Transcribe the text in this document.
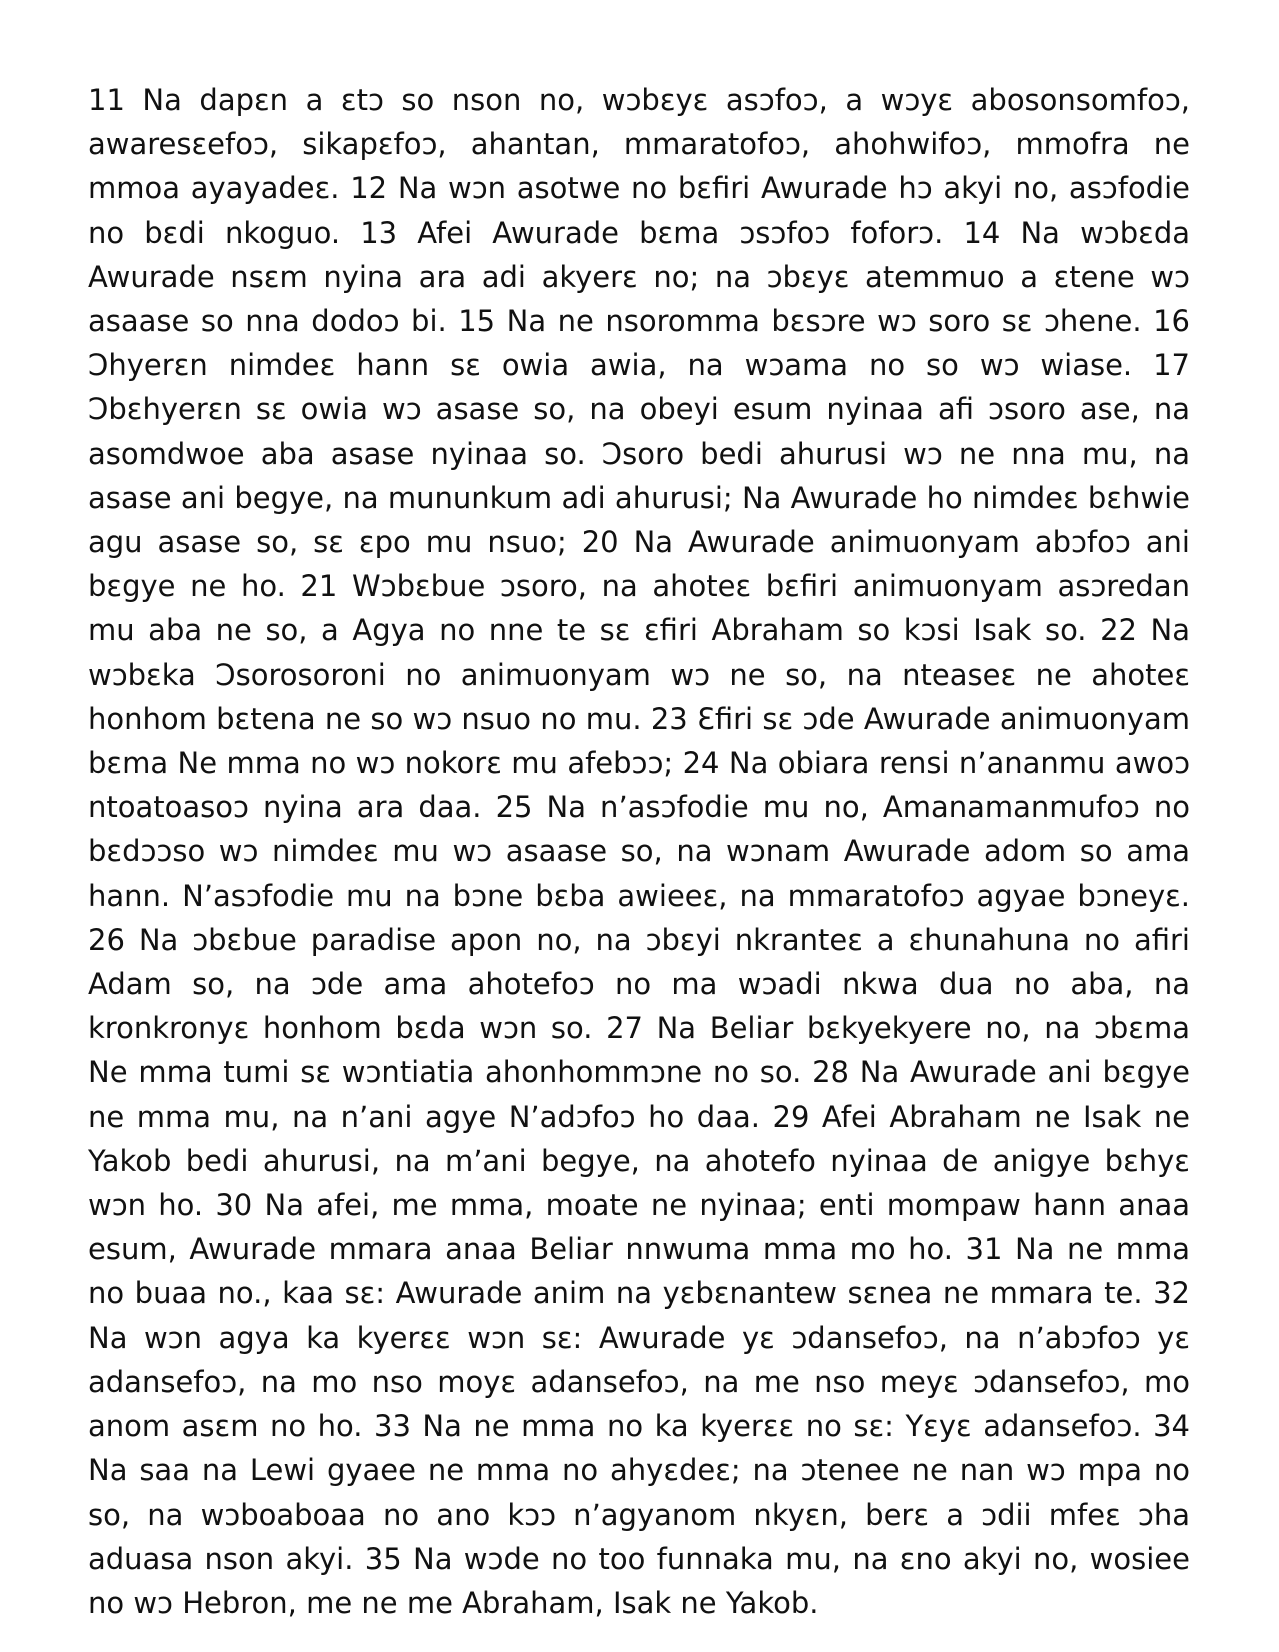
11 Na dapɛn a ɛtɔ so nson no, wɔbɛyɛ asɔfoɔ, a wɔyɛ abosonsomfoɔ, awaresɛefoɔ, sikapɛfoɔ, ahantan, mmaratofoɔ, ahohwifoɔ, mmofra ne mmoa ayayadeɛ. 12 Na wɔn asotwe no bɛfiri Awurade hɔ akyi no, asɔfodie no bɛdi nkoguo. 13 Afei Awurade bɛma ɔsɔfoɔ foforɔ. 14 Na wɔbɛda Awurade nsɛm nyina ara adi akyerɛ no; na ɔbɛyɛ atemmuo a ɛtene wɔ asaase so nna dodoɔ bi. 15 Na ne nsoromma bɛsɔre wɔ soro sɛ ɔhene. 16 Ɔhyerɛn nimdeɛ hann sɛ owia awia, na wɔama no so wɔ wiase. 17 Ɔbɛhyerɛn sɛ owia wɔ asase so, na obeyi esum nyinaa afi ɔsoro ase, na asomdwoe aba asase nyinaa so. Ɔsoro bedi ahurusi wɔ ne nna mu, na asase ani begye, na mununkum adi ahurusi; Na Awurade ho nimdeɛ bɛhwie agu asase so, sɛ ɛpo mu nsuo; 20 Na Awurade animuonyam abɔfoɔ ani bɛgye ne ho. 21 Wɔbɛbue ɔsoro, na ahoteɛ bɛfiri animuonyam asɔredan mu aba ne so, a Agya no nne te sɛ ɛfiri Abraham so kɔsi Isak so. 22 Na wɔbɛka Ɔsorosoroni no animuonyam wɔ ne so, na nteaseɛ ne ahoteɛ honhom bɛtena ne so wɔ nsuo no mu. 23 Ɛfiri sɛ ɔde Awurade animuonyam bɛma Ne mma no wɔ nokorɛ mu afebɔɔ; 24 Na obiara rensi n’ananmu awoɔ ntoatoasoɔ nyina ara daa. 25 Na n’asɔfodie mu no, Amanamanmufoɔ no bɛdɔɔso wɔ nimdeɛ mu wɔ asaase so, na wɔnam Awurade adom so ama hann. N’asɔfodie mu na bɔne bɛba awieeɛ, na mmaratofoɔ agyae bɔneyɛ. 26 Na ɔbɛbue paradise apon no, na ɔbɛyi nkranteɛ a ɛhunahuna no afiri Adam so, na ɔde ama ahotefoɔ no ma wɔadi nkwa dua no aba, na kronkronyɛ honhom bɛda wɔn so. 27 Na Beliar bɛkyekyere no, na ɔbɛma Ne mma tumi sɛ wɔntiatia ahonhommɔne no so. 28 Na Awurade ani bɛgye ne mma mu, na n’ani agye N’adɔfoɔ ho daa. 29 Afei Abraham ne Isak ne Yakob bedi ahurusi, na m’ani begye, na ahotefo nyinaa de anigye bɛhyɛ wɔn ho. 30 Na afei, me mma, moate ne nyinaa; enti mompaw hann anaa esum, Awurade mmara anaa Beliar nnwuma mma mo ho. 31 Na ne mma no buaa no., kaa sɛ: Awurade anim na yɛbɛnantew sɛnea ne mmara te. 32 Na wɔn agya ka kyerɛɛ wɔn sɛ: Awurade yɛ ɔdansefoɔ, na n’abɔfoɔ yɛ adansefoɔ, na mo nso moyɛ adansefoɔ, na me nso meyɛ ɔdansefoɔ, mo anom asɛm no ho. 33 Na ne mma no ka kyerɛɛ no sɛ: Yɛyɛ adansefoɔ. 34 Na saa na Lewi gyaee ne mma no ahyɛdeɛ; na ɔtenee ne nan wɔ mpa no so, na wɔboaboaa no ano kɔɔ n’agyanom nkyɛn, berɛ a ɔdii mfeɛ ɔha aduasa nson akyi. 35 Na wɔde no too funnaka mu, na ɛno akyi no, wosiee no wɔ Hebron, me ne me Abraham, Isak ne Yakob.
